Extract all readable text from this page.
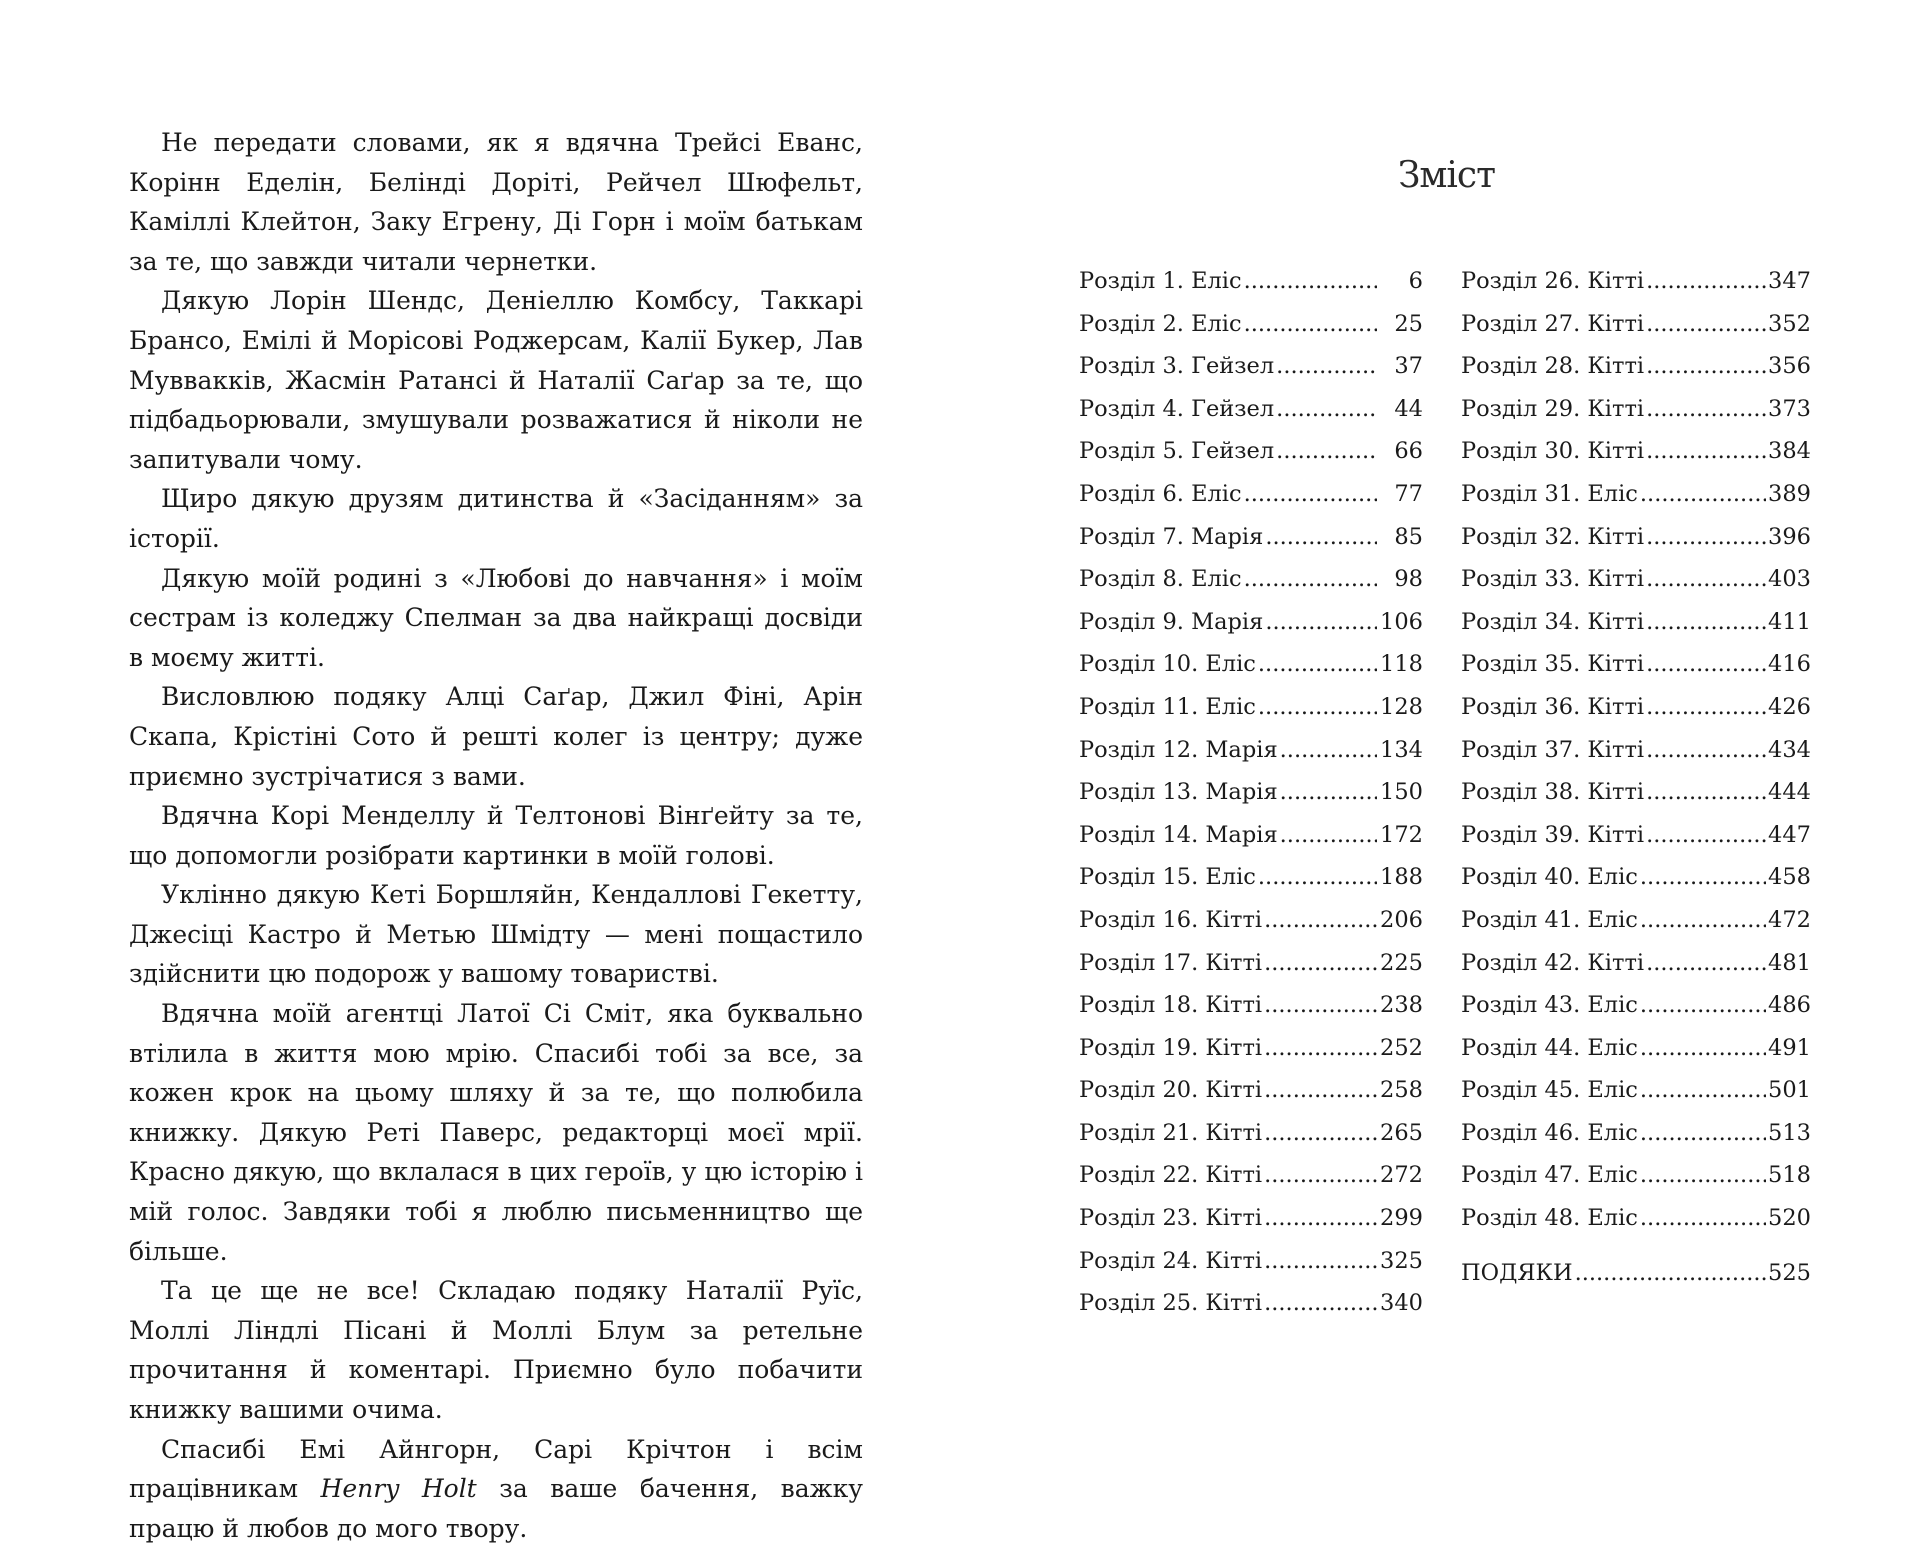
Не передати словами, як я вдячна Трейсі Еванс, Корінн Еделін, Белінді Доріті, Рейчел Шюфельт, Каміллі Клейтон, Заку Егрену, Ді Горн і моїм батькам за те, що завжди читали чернетки.

Дякую Лорін Шендс, Деніеллю Комбсу, Таккарі Брансо, Емілі й Морісові Роджерсам, Калії Букер, Лав Муввакків, Жасмін Ратансі й Наталії Саґар за те, що підбадьорювали, змушували розважатися й ніколи не запитували чому.

Щиро дякую друзям дитинства й «Засіданням» за історії.

Дякую моїй родині з «Любові до навчання» і моїм сестрам із коледжу Спелман за два найкращі досвіди в моєму житті.

Висловлюю подяку Алці Саґар, Джил Фіні, Арін Скапа, Крістіні Сото й решті колег із центру; дуже приємно зустрічатися з вами.

Вдячна Корі Менделлу й Телтонові Вінґейту за те, що допомогли розібрати картинки в моїй голові.

Уклінно дякую Кеті Боршляйн, Кендаллові Гекетту, Джесіці Кастро й Метью Шмідту — мені пощастило здійснити цю подорож у вашому товаристві.

Вдячна моїй агентці Латої Сі Сміт, яка буквально втілила в життя мою мрію. Спасибі тобі за все, за кожен крок на цьому шляху й за те, що полюбила книжку. Дякую Реті Паверс, редакторці моєї мрії. Красно дякую, що вклалася в цих героїв, у цю історію і мій голос. Завдяки тобі я люблю письменництво ще більше.

Та це ще не все! Складаю подяку Наталії Руїс, Моллі Ліндлі Пісані й Моллі Блум за ретельне прочитання й коментарі. Приємно було побачити книжку вашими очима.

Спасибі Емі Айнгорн, Сарі Крічтон і всім працівникам Henry Holt за ваше бачення, важку працю й любов до мого твору.

Зміст
Розділ 1. Еліс .....	6
Розділ 2. Еліс .....	25
Розділ 3. Гейзел .....	37
Розділ 4. Гейзел .....	44
Розділ 5. Гейзел .....	66
Розділ 6. Еліс .....	77
Розділ 7. Марія .....	85
Розділ 8. Еліс .....	98
Розділ 9. Марія .....	106
Розділ 10. Еліс .....	118
Розділ 11. Еліс .....	128
Розділ 12. Марія .....	134
Розділ 13. Марія .....	150
Розділ 14. Марія .....	172
Розділ 15. Еліс .....	188
Розділ 16. Кітті .....	206
Розділ 17. Кітті .....	225
Розділ 18. Кітті .....	238
Розділ 19. Кітті .....	252
Розділ 20. Кітті .....	258
Розділ 21. Кітті .....	265
Розділ 22. Кітті .....	272
Розділ 23. Кітті .....	299
Розділ 24. Кітті .....	325
Розділ 25. Кітті .....	340
Розділ 26. Кітті .....	347
Розділ 27. Кітті .....	352
Розділ 28. Кітті .....	356
Розділ 29. Кітті .....	373
Розділ 30. Кітті .....	384
Розділ 31. Еліс .....	389
Розділ 32. Кітті .....	396
Розділ 33. Кітті .....	403
Розділ 34. Кітті .....	411
Розділ 35. Кітті .....	416
Розділ 36. Кітті .....	426
Розділ 37. Кітті .....	434
Розділ 38. Кітті .....	444
Розділ 39. Кітті .....	447
Розділ 40. Еліс .....	458
Розділ 41. Еліс .....	472
Розділ 42. Кітті .....	481
Розділ 43. Еліс .....	486
Розділ 44. Еліс .....	491
Розділ 45. Еліс .....	501
Розділ 46. Еліс .....	513
Розділ 47. Еліс .....	518
Розділ 48. Еліс .....	520
ПОДЯКИ .....	525
